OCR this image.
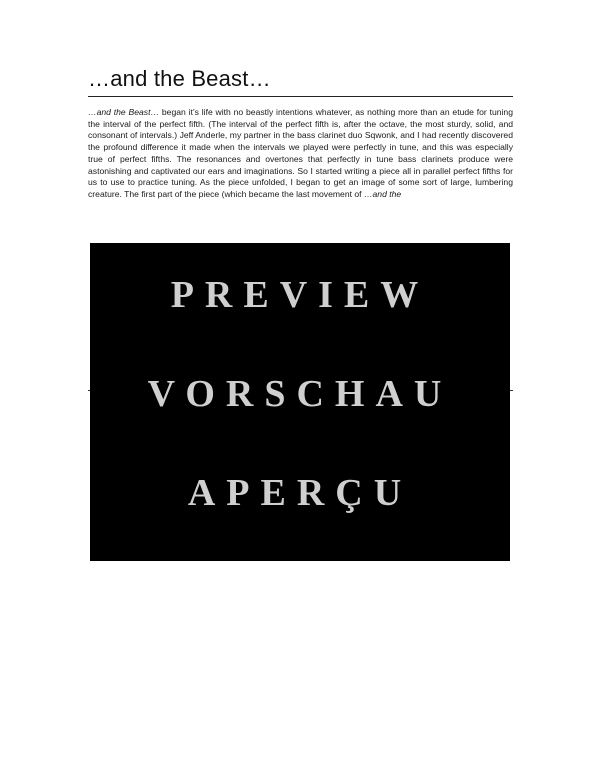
…and the Beast…

…and the Beast… began it’s life with no beastly intentions whatever, as nothing more than an etude for tuning the interval of the perfect fifth. (The interval of the perfect fifth is, after the octave, the most sturdy, solid, and consonant of intervals.) Jeff Anderle, my partner in the bass clarinet duo Sqwonk, and I had recently discovered the profound difference it made when the intervals we played were perfectly in tune, and this was especially true of perfect fifths. The resonances and overtones that perfectly in tune bass clarinets produce were astonishing and captivated our ears and imaginations. So I started writing a piece all in parallel perfect fifths for us to use to practice tuning. As the piece unfolded, I began to get an image of some sort of large, lumbering creature. The first part of the piece (which became the last movement of …and the

PREVIEW
VORSCHAU
APERÇU
